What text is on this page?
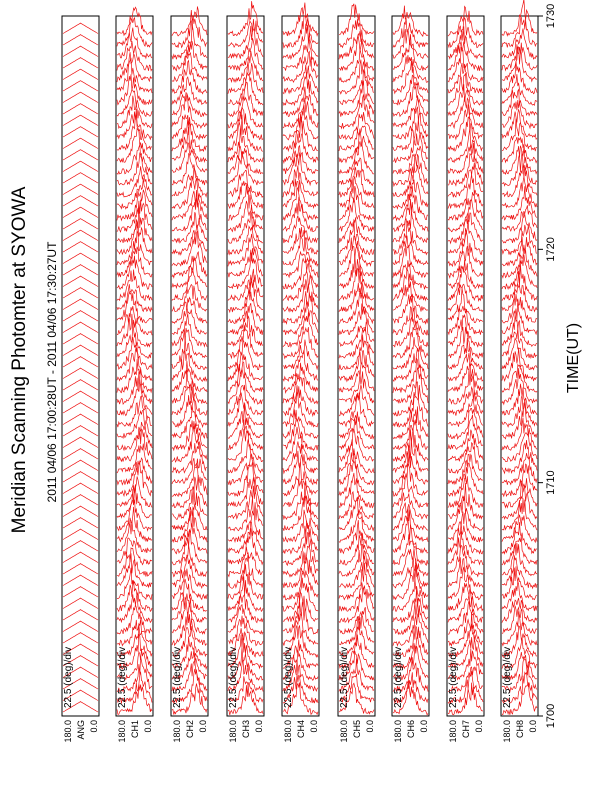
Meridian Scanning Photomter at SYOWA 2011 04/06 17:00:28UT - 2011 04/06 17:30:27UT	TIME(UT)
22.5 (deg)/div
180.0 0.0
ANG
22.5 (deg)/div
180.0 0.0
CH1
22.5 (deg)/div
180.0 0.0
CH2
22.5 (deg)/div
180.0 0.0
CH3
22.5 (deg)/div
180.0 0.0
CH4
22.5 (deg)/div
180.0 0.0
CH5
22.5 (deg)/div
180.0 0.0
CH6
22.5 (deg)/div
180.0 0.0
CH7
22.5 (deg)/div
180.0 0.0
CH8
1700
1710
1720
1730
